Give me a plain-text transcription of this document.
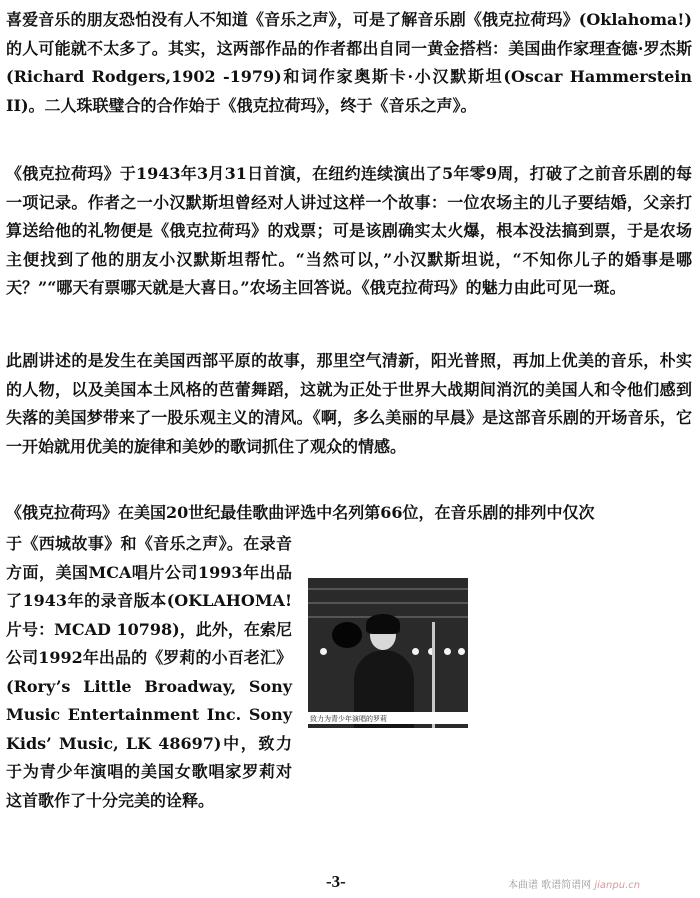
喜爱音乐的朋友恐怕没有人不知道《音乐之声》，可是了解音乐剧《俄克拉荷玛》(Oklahoma!)的人可能就不太多了。其实，这两部作品的作者都出自同一黄金搭档：美国曲作家理查德·罗杰斯(Richard Rodgers,1902 -1979)和词作家奥斯卡·小汉默斯坦(Oscar Hammerstein II)。二人珠联璧合的合作始于《俄克拉荷玛》，终于《音乐之声》。

《俄克拉荷玛》于1943年3月31日首演，在纽约连续演出了5年零9周，打破了之前音乐剧的每一项记录。作者之一小汉默斯坦曾经对人讲过这样一个故事：一位农场主的儿子要结婚，父亲打算送给他的礼物便是《俄克拉荷玛》的戏票；可是该剧确实太火爆，根本没法搞到票，于是农场主便找到了他的朋友小汉默斯坦帮忙。“当然可以，”小汉默斯坦说，“不知你儿子的婚事是哪天？”“哪天有票哪天就是大喜日。”农场主回答说。《俄克拉荷玛》的魅力由此可见一斑。

此剧讲述的是发生在美国西部平原的故事，那里空气清新，阳光普照，再加上优美的音乐，朴实的人物，以及美国本土风格的芭蕾舞蹈，这就为正处于世界大战期间消沉的美国人和令他们感到失落的美国梦带来了一股乐观主义的清风。《啊，多么美丽的早晨》是这部音乐剧的开场音乐，它一开始就用优美的旋律和美妙的歌词抓住了观众的情感。

《俄克拉荷玛》在美国20世纪最佳歌曲评选中名列第66位，在音乐剧的排列中仅次

于《西城故事》和《音乐之声》。在录音方面，美国MCA唱片公司1993年出品了1943年的录音版本(OKLAHOMA! 片号：MCAD 10798)，此外，在索尼公司1992年出品的《罗莉的小百老汇》(Rory’s Little Broadway, Sony Music Entertainment Inc. Sony Kids’ Music, LK 48697)中，致力于为青少年演唱的美国女歌唱家罗莉对这首歌作了十分完美的诠释。

致力为青少年演唱的罗莉
-3-	本曲谱 歌谱简谱网 jianpu.cn
